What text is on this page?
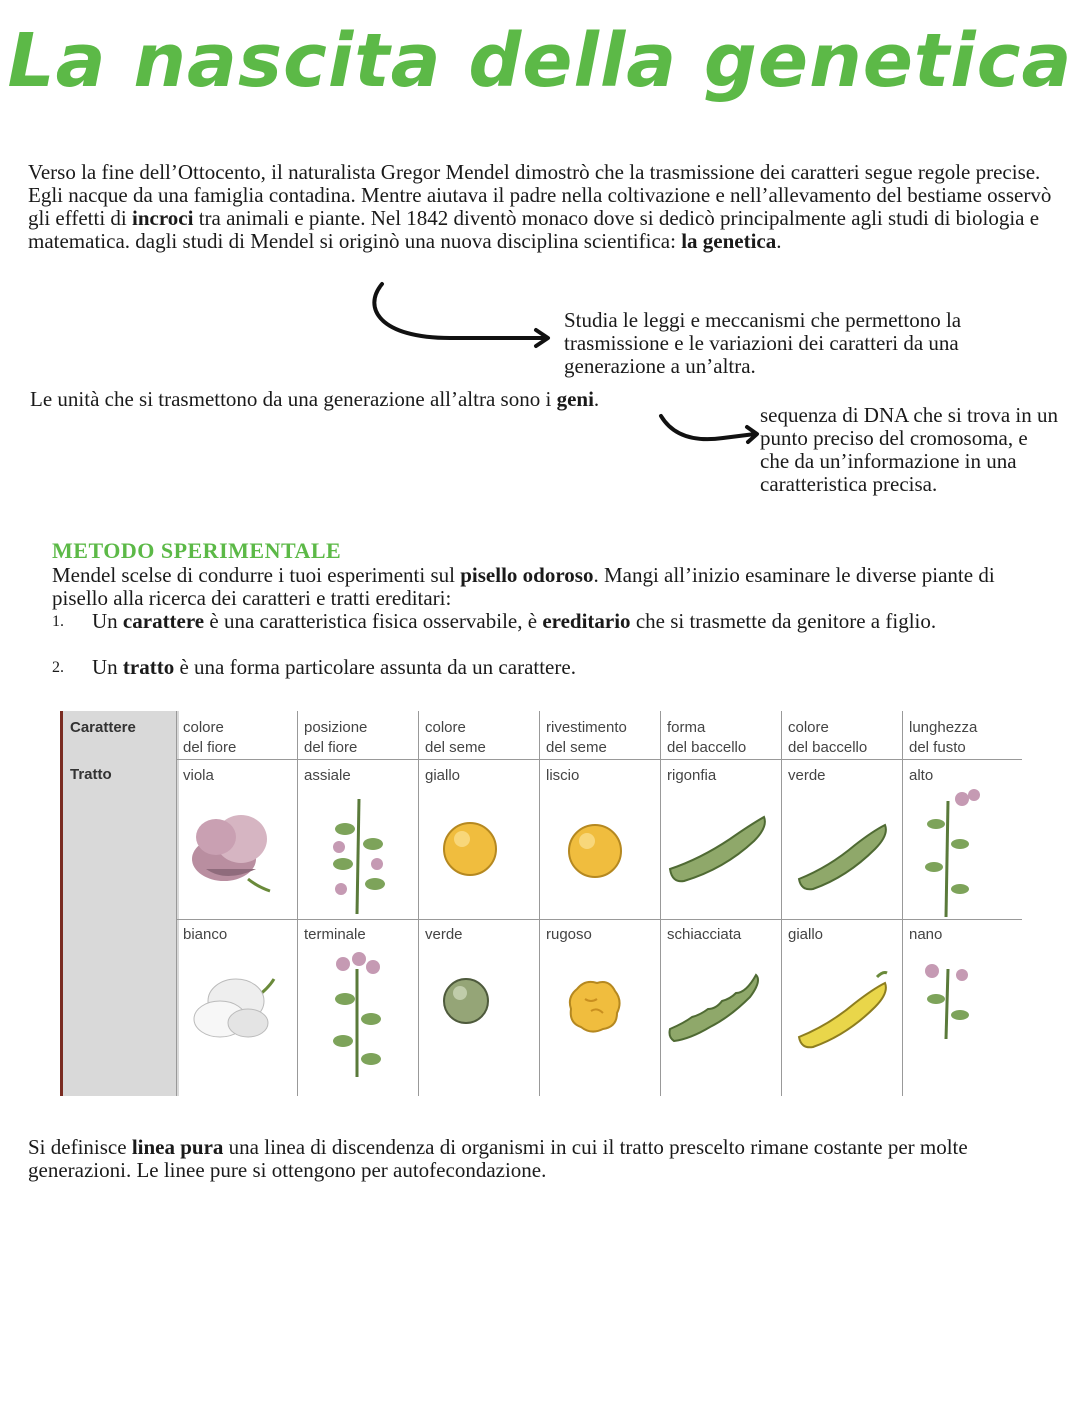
La nascita della genetica
Verso la fine dell’Ottocento, il naturalista Gregor Mendel dimostrò che la trasmissione dei caratteri segue regole precise. Egli nacque da una famiglia contadina. Mentre aiutava il padre nella coltivazione e nell’allevamento del bestiame osservò gli effetti di incroci tra animali e piante. Nel 1842 diventò monaco dove si dedicò principalmente agli studi di biologia e matematica. dagli studi di Mendel si originò una nuova disciplina scientifica: la genetica.
Studia le leggi e meccanismi che permettono la trasmissione e le variazioni dei caratteri da una generazione a un’altra.
Le unità che si trasmettono da una generazione all’altra sono i geni.
sequenza di DNA che si trova in un punto preciso del cromosoma, e che da un’informazione in una caratteristica precisa.
METODO SPERIMENTALE
Mendel scelse di condurre i tuoi esperimenti sul pisello odoroso. Mangi all’inizio esaminare le diverse piante di pisello alla ricerca dei caratteri e tratti ereditari:
1.	Un carattere è una caratteristica fisica osservabile, è ereditario che si trasmette da genitore a figlio.
2.	Un tratto è una forma particolare assunta da un carattere.
Carattere
Tratto
colore
del fiore
viola
bianco
posizione
del fiore
assiale
terminale
colore
del seme
giallo
verde
rivestimento
del seme
liscio
rugoso
forma
del baccello
rigonfia
schiacciata
colore
del baccello
verde
giallo
lunghezza
del fusto
alto
nano
Si definisce linea pura una linea di discendenza di organismi in cui il tratto prescelto rimane costante per molte generazioni. Le linee pure si ottengono per autofecondazione.
